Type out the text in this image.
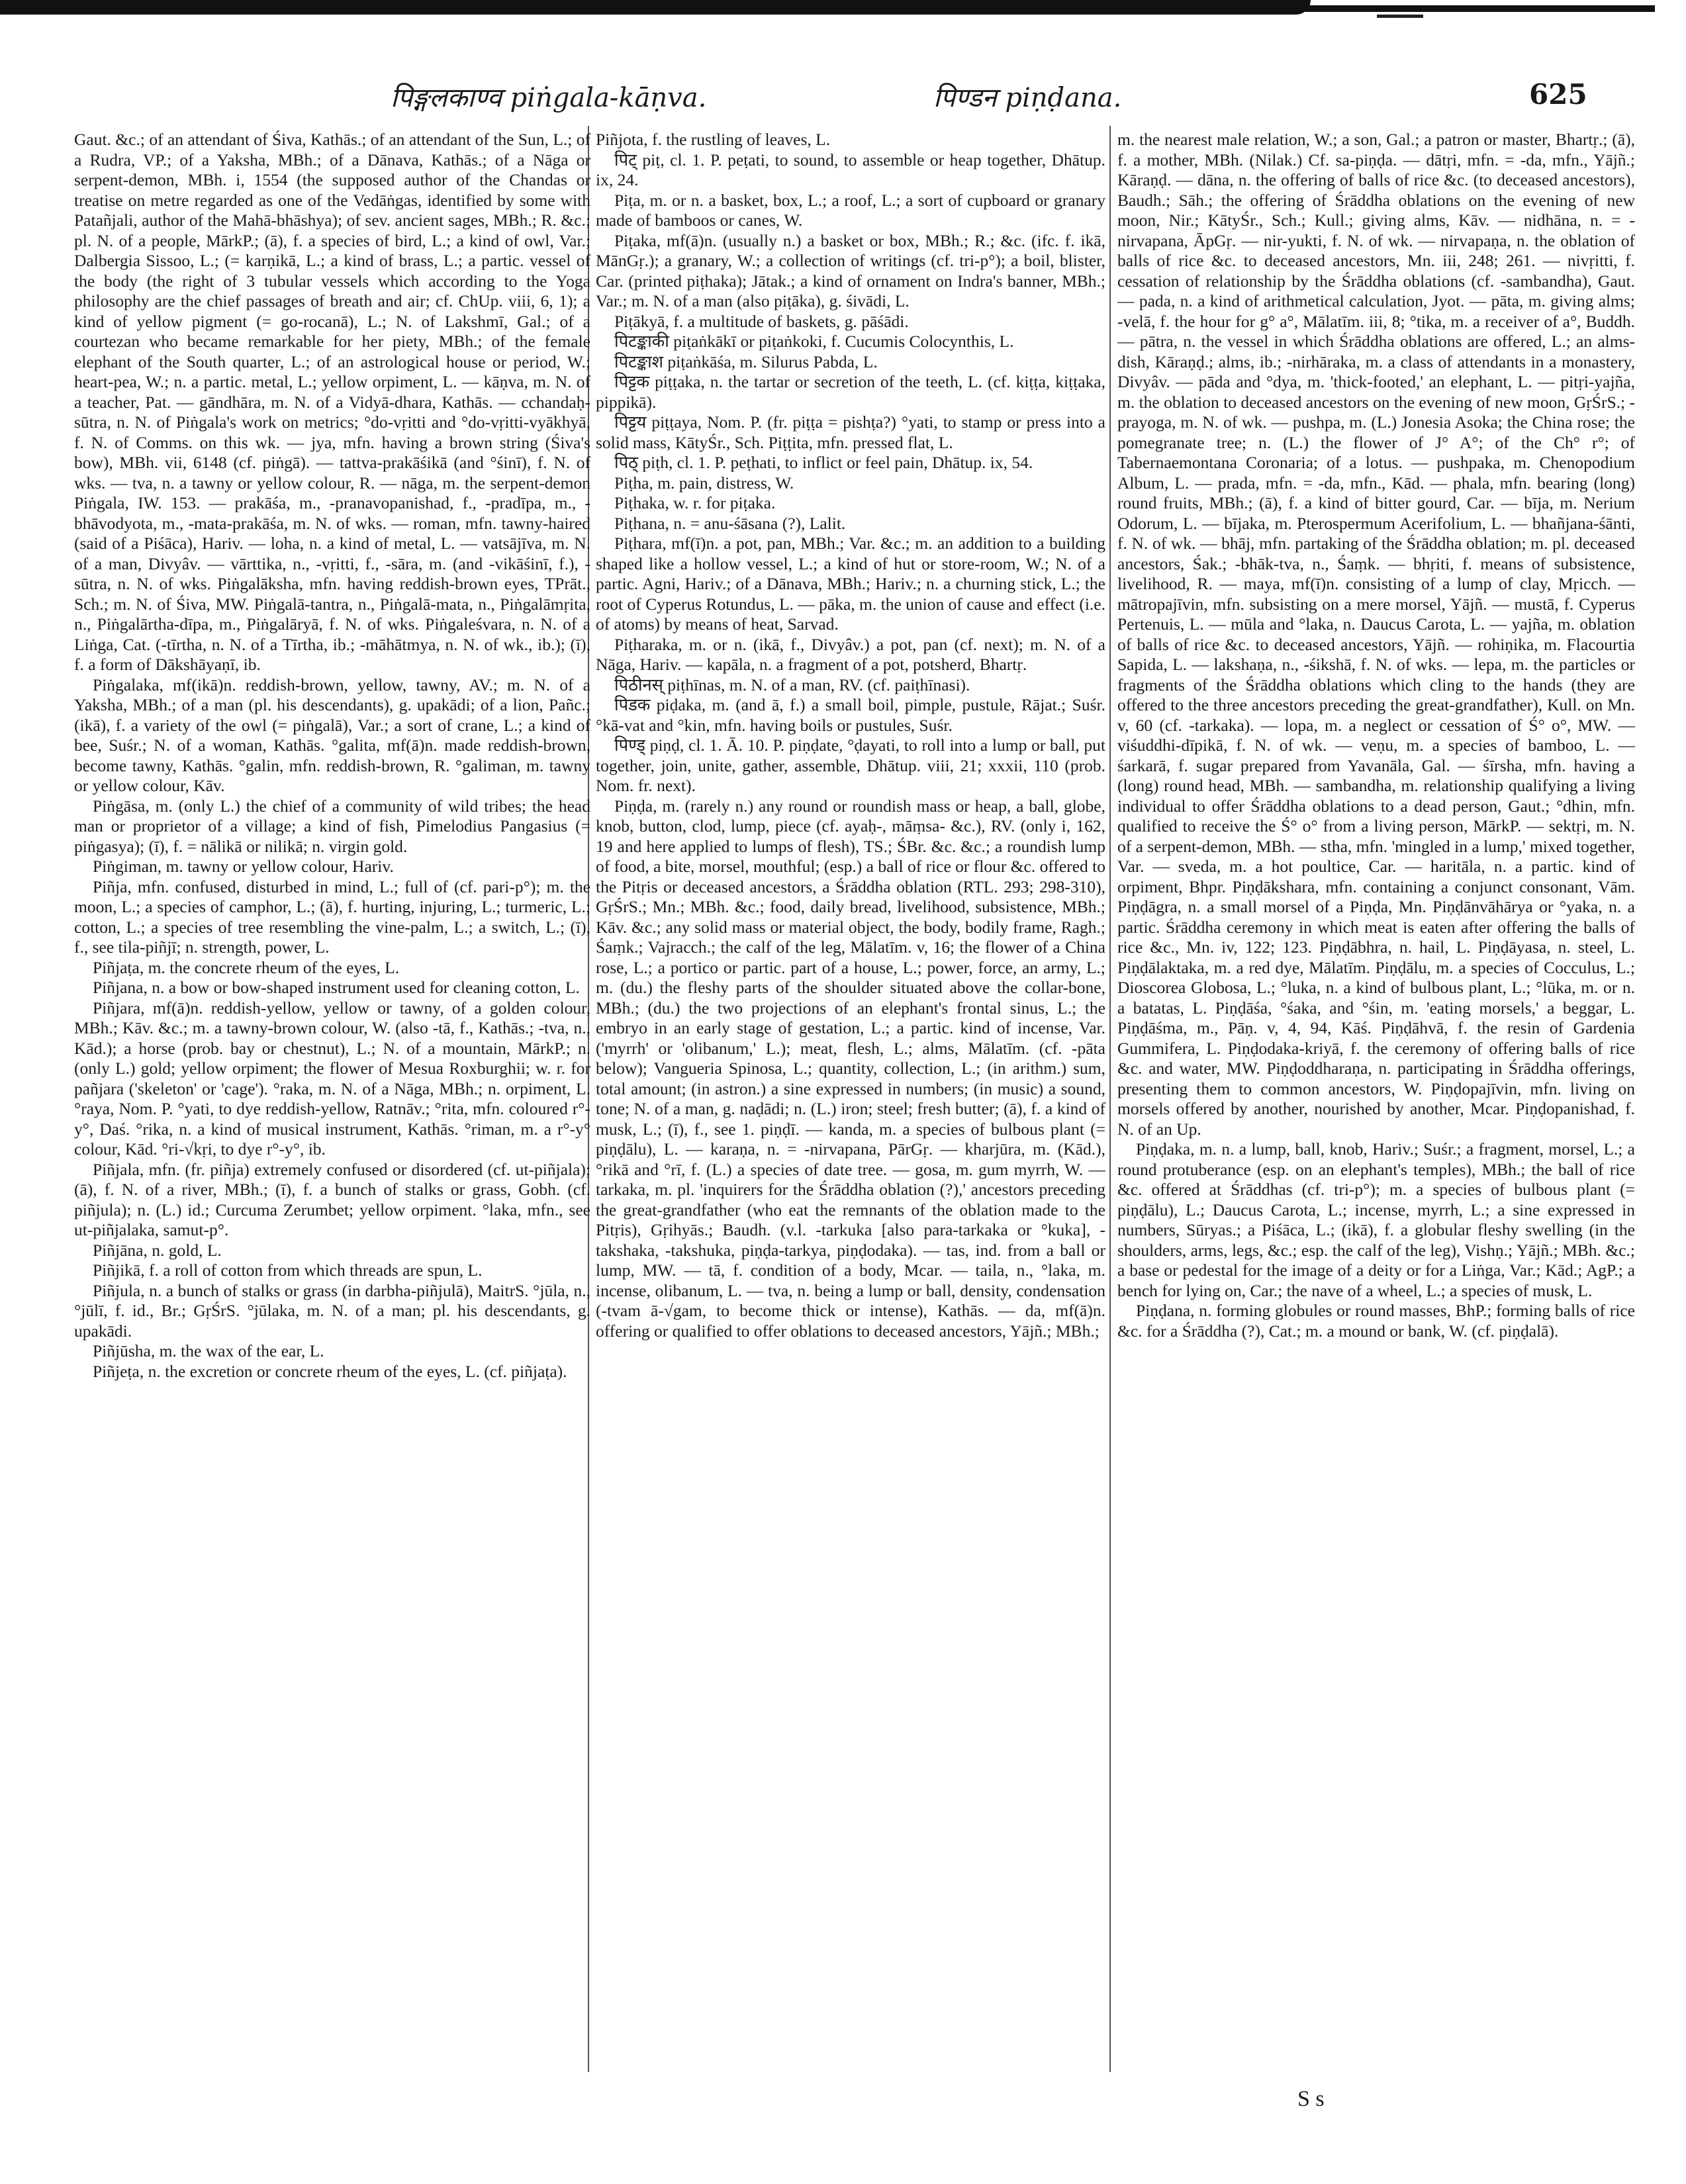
पिङ्गलकाण्व piṅgala-kāṇva.	पिण्डन piṇḍana.	625

Gaut. &c.; of an attendant of Śiva, Kathās.; of an attendant of the Sun, L.; of a Rudra, VP.; of a Yaksha, MBh.; of a Dānava, Kathās.; of a Nāga or serpent-demon, MBh. i, 1554 (the supposed author of the Chandas or treatise on metre regarded as one of the Vedāṅgas, identified by some with Patañjali, author of the Mahā-bhāshya); of sev. ancient sages, MBh.; R. &c.; pl. N. of a people, MārkP.; (ā), f. a species of bird, L.; a kind of owl, Var.; Dalbergia Sissoo, L.; (= karṇikā, L.; a kind of brass, L.; a partic. vessel of the body (the right of 3 tubular vessels which according to the Yoga philosophy are the chief passages of breath and air; cf. ChUp. viii, 6, 1); a kind of yellow pigment (= go-rocanā), L.; N. of Lakshmī, Gal.; of a courtezan who became remarkable for her piety, MBh.; of the female elephant of the South quarter, L.; of an astrological house or period, W.; heart-pea, W.; n. a partic. metal, L.; yellow orpiment, L. — kāṇva, m. N. of a teacher, Pat. — gāndhāra, m. N. of a Vidyā-dhara, Kathās. — cchandaḥ-sūtra, n. N. of Piṅgala's work on metrics; °do-vṛitti and °do-vṛitti-vyākhyā, f. N. of Comms. on this wk. — jya, mfn. having a brown string (Śiva's bow), MBh. vii, 6148 (cf. piṅgā). — tattva-prakāśikā (and °śinī), f. N. of wks. — tva, n. a tawny or yellow colour, R. — nāga, m. the serpent-demon Piṅgala, IW. 153. — prakāśa, m., -pranavopanishad, f., -pradīpa, m., -bhāvodyota, m., -mata-prakāśa, m. N. of wks. — roman, mfn. tawny-haired (said of a Piśāca), Hariv. — loha, n. a kind of metal, L. — vatsājīva, m. N. of a man, Divyâv. — vārttika, n., -vṛitti, f., -sāra, m. (and -vikāśinī, f.), -sūtra, n. N. of wks. Piṅgalāksha, mfn. having reddish-brown eyes, TPrāt., Sch.; m. N. of Śiva, MW. Piṅgalā-tantra, n., Piṅgalā-mata, n., Piṅgalāmṛita, n., Piṅgalārtha-dīpa, m., Piṅgalāryā, f. N. of wks. Piṅgaleśvara, n. N. of a Liṅga, Cat. (-tīrtha, n. N. of a Tīrtha, ib.; -māhātmya, n. N. of wk., ib.); (ī), f. a form of Dākshāyaṇī, ib.

Piṅgalaka, mf(ikā)n. reddish-brown, yellow, tawny, AV.; m. N. of a Yaksha, MBh.; of a man (pl. his descendants), g. upakādi; of a lion, Pañc.; (ikā), f. a variety of the owl (= piṅgalā), Var.; a sort of crane, L.; a kind of bee, Suśr.; N. of a woman, Kathās. °galita, mf(ā)n. made reddish-brown, become tawny, Kathās. °galin, mfn. reddish-brown, R. °galiman, m. tawny or yellow colour, Kāv.

Piṅgāsa, m. (only L.) the chief of a community of wild tribes; the head man or proprietor of a village; a kind of fish, Pimelodius Pangasius (= piṅgasya); (ī), f. = nālikā or nilikā; n. virgin gold.

Piṅgiman, m. tawny or yellow colour, Hariv.

Piñja, mfn. confused, disturbed in mind, L.; full of (cf. pari-p°); m. the moon, L.; a species of camphor, L.; (ā), f. hurting, injuring, L.; turmeric, L.; cotton, L.; a species of tree resembling the vine-palm, L.; a switch, L.; (ī), f., see tila-piñjī; n. strength, power, L.

Piñjaṭa, m. the concrete rheum of the eyes, L.

Piñjana, n. a bow or bow-shaped instrument used for cleaning cotton, L.

Piñjara, mf(ā)n. reddish-yellow, yellow or tawny, of a golden colour, MBh.; Kāv. &c.; m. a tawny-brown colour, W. (also -tā, f., Kathās.; -tva, n., Kād.); a horse (prob. bay or chestnut), L.; N. of a mountain, MārkP.; n. (only L.) gold; yellow orpiment; the flower of Mesua Roxburghii; w. r. for pañjara ('skeleton' or 'cage'). °raka, m. N. of a Nāga, MBh.; n. orpiment, L. °raya, Nom. P. °yati, to dye reddish-yellow, Ratnāv.; °rita, mfn. coloured r°-y°, Daś. °rika, n. a kind of musical instrument, Kathās. °riman, m. a r°-y° colour, Kād. °ri-√kṛi, to dye r°-y°, ib.

Piñjala, mfn. (fr. piñja) extremely confused or disordered (cf. ut-piñjala); (ā), f. N. of a river, MBh.; (ī), f. a bunch of stalks or grass, Gobh. (cf. piñjula); n. (L.) id.; Curcuma Zerumbet; yellow orpiment. °laka, mfn., see ut-piñjalaka, samut-p°.

Piñjāna, n. gold, L.

Piñjikā, f. a roll of cotton from which threads are spun, L.

Piñjula, n. a bunch of stalks or grass (in darbha-piñjulā), MaitrS. °jūla, n., °jūlī, f. id., Br.; GṛŚrS. °jūlaka, m. N. of a man; pl. his descendants, g. upakādi.

Piñjūsha, m. the wax of the ear, L.

Piñjeṭa, n. the excretion or concrete rheum of the eyes, L. (cf. piñjaṭa).

Piñjota, f. the rustling of leaves, L.

पिट् piṭ, cl. 1. P. peṭati, to sound, to assemble or heap together, Dhātup. ix, 24.

Piṭa, m. or n. a basket, box, L.; a roof, L.; a sort of cupboard or granary made of bamboos or canes, W.

Piṭaka, mf(ā)n. (usually n.) a basket or box, MBh.; R.; &c. (ifc. f. ikā, MānGṛ.); a granary, W.; a collection of writings (cf. tri-p°); a boil, blister, Car. (printed piṭhaka); Jātak.; a kind of ornament on Indra's banner, MBh.; Var.; m. N. of a man (also piṭāka), g. śivādi, L.

Piṭākyā, f. a multitude of baskets, g. pāśādi.

पिटङ्काकी piṭaṅkākī or piṭaṅkoki, f. Cucumis Colocynthis, L.

पिटङ्काश piṭaṅkāśa, m. Silurus Pabda, L.

पिट्टक piṭṭaka, n. the tartar or secretion of the teeth, L. (cf. kiṭṭa, kiṭṭaka, pippikā).

पिट्टय piṭṭaya, Nom. P. (fr. piṭṭa = pishṭa?) °yati, to stamp or press into a solid mass, KātyŚr., Sch. Piṭṭita, mfn. pressed flat, L.

पिठ् piṭh, cl. 1. P. peṭhati, to inflict or feel pain, Dhātup. ix, 54.

Piṭha, m. pain, distress, W.

Piṭhaka, w. r. for piṭaka.

Piṭhana, n. = anu-śāsana (?), Lalit.

Piṭhara, mf(ī)n. a pot, pan, MBh.; Var. &c.; m. an addition to a building shaped like a hollow vessel, L.; a kind of hut or store-room, W.; N. of a partic. Agni, Hariv.; of a Dānava, MBh.; Hariv.; n. a churning stick, L.; the root of Cyperus Rotundus, L. — pāka, m. the union of cause and effect (i.e. of atoms) by means of heat, Sarvad.

Piṭharaka, m. or n. (ikā, f., Divyâv.) a pot, pan (cf. next); m. N. of a Nāga, Hariv. — kapāla, n. a fragment of a pot, potsherd, Bhartṛ.

पिठीनस् piṭhīnas, m. N. of a man, RV. (cf. paiṭhīnasi).

पिडक piḍaka, m. (and ā, f.) a small boil, pimple, pustule, Rājat.; Suśr. °kā-vat and °kin, mfn. having boils or pustules, Suśr.

पिण्ड् piṇḍ, cl. 1. Ā. 10. P. piṇḍate, °ḍayati, to roll into a lump or ball, put together, join, unite, gather, assemble, Dhātup. viii, 21; xxxii, 110 (prob. Nom. fr. next).

Piṇḍa, m. (rarely n.) any round or roundish mass or heap, a ball, globe, knob, button, clod, lump, piece (cf. ayaḥ-, māṃsa- &c.), RV. (only i, 162, 19 and here applied to lumps of flesh), TS.; ŚBr. &c. &c.; a roundish lump of food, a bite, morsel, mouthful; (esp.) a ball of rice or flour &c. offered to the Pitṛis or deceased ancestors, a Śrāddha oblation (RTL. 293; 298-310), GṛŚrS.; Mn.; MBh. &c.; food, daily bread, livelihood, subsistence, MBh.; Kāv. &c.; any solid mass or material object, the body, bodily frame, Ragh.; Śaṃk.; Vajracch.; the calf of the leg, Mālatīm. v, 16; the flower of a China rose, L.; a portico or partic. part of a house, L.; power, force, an army, L.; m. (du.) the fleshy parts of the shoulder situated above the collar-bone, MBh.; (du.) the two projections of an elephant's frontal sinus, L.; the embryo in an early stage of gestation, L.; a partic. kind of incense, Var. ('myrrh' or 'olibanum,' L.); meat, flesh, L.; alms, Mālatīm. (cf. -pāta below); Vangueria Spinosa, L.; quantity, collection, L.; (in arithm.) sum, total amount; (in astron.) a sine expressed in numbers; (in music) a sound, tone; N. of a man, g. naḍādi; n. (L.) iron; steel; fresh butter; (ā), f. a kind of musk, L.; (ī), f., see 1. piṇḍī. — kanda, m. a species of bulbous plant (= piṇḍālu), L. — karaṇa, n. = -nirvapana, PārGṛ. — kharjūra, m. (Kād.), °rikā and °rī, f. (L.) a species of date tree. — gosa, m. gum myrrh, W. — tarkaka, m. pl. 'inquirers for the Śrāddha oblation (?),' ancestors preceding the great-grandfather (who eat the remnants of the oblation made to the Pitṛis), Gṛihyās.; Baudh. (v.l. -tarkuka [also para-tarkaka or °kuka], -takshaka, -takshuka, piṇḍa-tarkya, piṇḍodaka). — tas, ind. from a ball or lump, MW. — tā, f. condition of a body, Mcar. — taila, n., °laka, m. incense, olibanum, L. — tva, n. being a lump or ball, density, condensation (-tvam ā-√gam, to become thick or intense), Kathās. — da, mf(ā)n. offering or qualified to offer oblations to deceased ancestors, Yājñ.; MBh.;

m. the nearest male relation, W.; a son, Gal.; a patron or master, Bhartṛ.; (ā), f. a mother, MBh. (Nilak.) Cf. sa-piṇḍa. — dātṛi, mfn. = -da, mfn., Yājñ.; Kāraṇḍ. — dāna, n. the offering of balls of rice &c. (to deceased ancestors), Baudh.; Sāh.; the offering of Śrāddha oblations on the evening of new moon, Nir.; KātyŚr., Sch.; Kull.; giving alms, Kāv. — nidhāna, n. = -nirvapana, ĀpGṛ. — nir-yukti, f. N. of wk. — nirvapaṇa, n. the oblation of balls of rice &c. to deceased ancestors, Mn. iii, 248; 261. — nivṛitti, f. cessation of relationship by the Śrāddha oblations (cf. -sambandha), Gaut. — pada, n. a kind of arithmetical calculation, Jyot. — pāta, m. giving alms; -velā, f. the hour for g° a°, Mālatīm. iii, 8; °tika, m. a receiver of a°, Buddh. — pātra, n. the vessel in which Śrāddha oblations are offered, L.; an alms-dish, Kāraṇḍ.; alms, ib.; -nirhāraka, m. a class of attendants in a monastery, Divyâv. — pāda and °dya, m. 'thick-footed,' an elephant, L. — pitṛi-yajña, m. the oblation to deceased ancestors on the evening of new moon, GṛŚrS.; -prayoga, m. N. of wk. — pushpa, m. (L.) Jonesia Asoka; the China rose; the pomegranate tree; n. (L.) the flower of J° A°; of the Ch° r°; of Tabernaemontana Coronaria; of a lotus. — pushpaka, m. Chenopodium Album, L. — prada, mfn. = -da, mfn., Kād. — phala, mfn. bearing (long) round fruits, MBh.; (ā), f. a kind of bitter gourd, Car. — bīja, m. Nerium Odorum, L. — bījaka, m. Pterospermum Acerifolium, L. — bhañjana-śānti, f. N. of wk. — bhāj, mfn. partaking of the Śrāddha oblation; m. pl. deceased ancestors, Śak.; -bhāk-tva, n., Śaṃk. — bhṛiti, f. means of subsistence, livelihood, R. — maya, mf(ī)n. consisting of a lump of clay, Mṛicch. — mātropajīvin, mfn. subsisting on a mere morsel, Yājñ. — mustā, f. Cyperus Pertenuis, L. — mūla and °laka, n. Daucus Carota, L. — yajña, m. oblation of balls of rice &c. to deceased ancestors, Yājñ. — rohiṇika, m. Flacourtia Sapida, L. — lakshaṇa, n., -śikshā, f. N. of wks. — lepa, m. the particles or fragments of the Śrāddha oblations which cling to the hands (they are offered to the three ancestors preceding the great-grandfather), Kull. on Mn. v, 60 (cf. -tarkaka). — lopa, m. a neglect or cessation of Ś° o°, MW. — viśuddhi-dīpikā, f. N. of wk. — veṇu, m. a species of bamboo, L. — śarkarā, f. sugar prepared from Yavanāla, Gal. — śīrsha, mfn. having a (long) round head, MBh. — sambandha, m. relationship qualifying a living individual to offer Śrāddha oblations to a dead person, Gaut.; °dhin, mfn. qualified to receive the Ś° o° from a living person, MārkP. — sektṛi, m. N. of a serpent-demon, MBh. — stha, mfn. 'mingled in a lump,' mixed together, Var. — sveda, m. a hot poultice, Car. — haritāla, n. a partic. kind of orpiment, Bhpr. Piṇḍākshara, mfn. containing a conjunct consonant, Vām. Piṇḍāgra, n. a small morsel of a Piṇḍa, Mn. Piṇḍānvāhārya or °yaka, n. a partic. Śrāddha ceremony in which meat is eaten after offering the balls of rice &c., Mn. iv, 122; 123. Piṇḍābhra, n. hail, L. Piṇḍāyasa, n. steel, L. Piṇḍālaktaka, m. a red dye, Mālatīm. Piṇḍālu, m. a species of Cocculus, L.; Dioscorea Globosa, L.; °luka, n. a kind of bulbous plant, L.; °lūka, m. or n. a batatas, L. Piṇḍāśa, °śaka, and °śin, m. 'eating morsels,' a beggar, L. Piṇḍāśma, m., Pāṇ. v, 4, 94, Kāś. Piṇḍāhvā, f. the resin of Gardenia Gummifera, L. Piṇḍodaka-kriyā, f. the ceremony of offering balls of rice &c. and water, MW. Piṇḍoddharaṇa, n. participating in Śrāddha offerings, presenting them to common ancestors, W. Piṇḍopajīvin, mfn. living on morsels offered by another, nourished by another, Mcar. Piṇḍopanishad, f. N. of an Up.

Piṇḍaka, m. n. a lump, ball, knob, Hariv.; Suśr.; a fragment, morsel, L.; a round protuberance (esp. on an elephant's temples), MBh.; the ball of rice &c. offered at Śrāddhas (cf. tri-p°); m. a species of bulbous plant (= piṇḍālu), L.; Daucus Carota, L.; incense, myrrh, L.; a sine expressed in numbers, Sūryas.; a Piśāca, L.; (ikā), f. a globular fleshy swelling (in the shoulders, arms, legs, &c.; esp. the calf of the leg), Vishṇ.; Yājñ.; MBh. &c.; a base or pedestal for the image of a deity or for a Liṅga, Var.; Kād.; AgP.; a bench for lying on, Car.; the nave of a wheel, L.; a species of musk, L.

Piṇḍana, n. forming globules or round masses, BhP.; forming balls of rice &c. for a Śrāddha (?), Cat.; m. a mound or bank, W. (cf. piṇḍalā).

S s
